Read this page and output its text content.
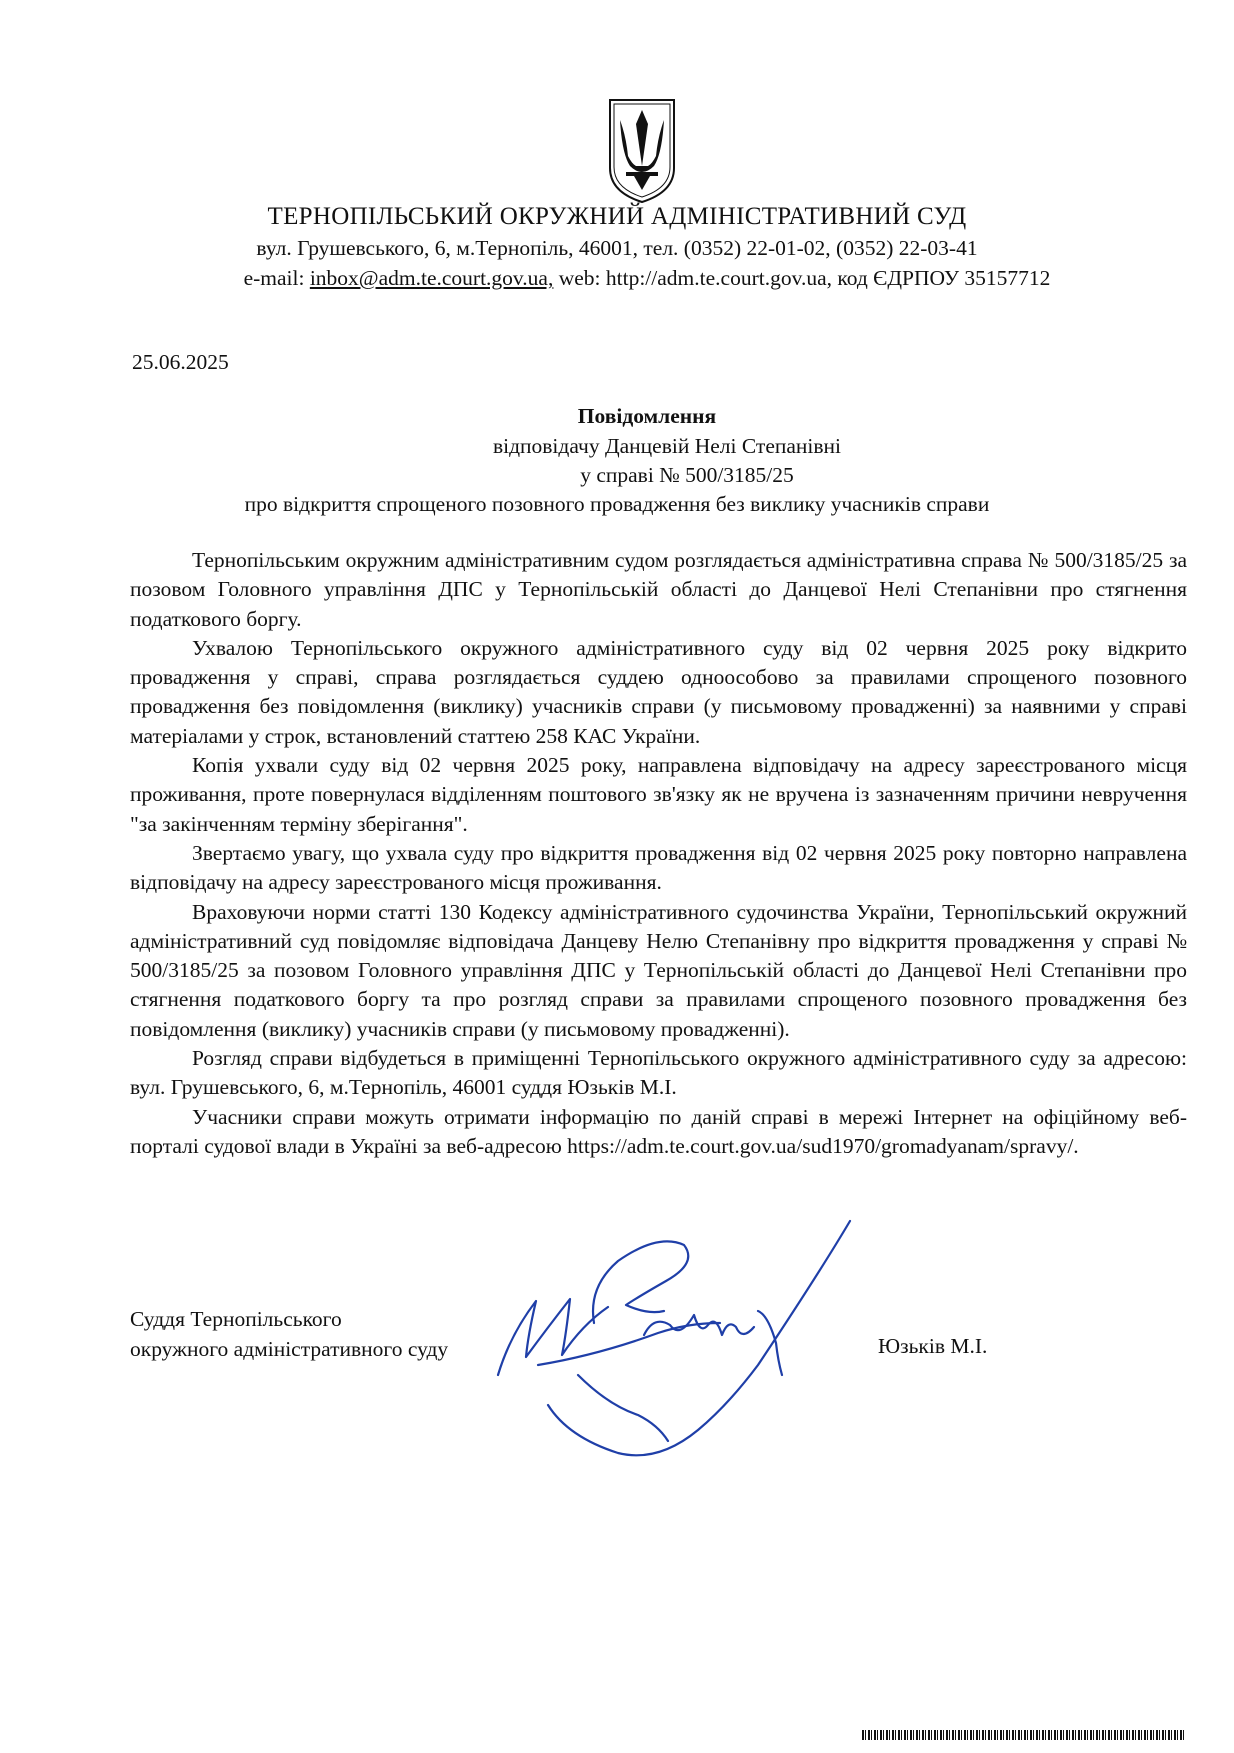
ТЕРНОПІЛЬСЬКИЙ ОКРУЖНИЙ АДМІНІСТРАТИВНИЙ СУД
вул. Грушевського, 6, м.Тернопіль, 46001, тел. (0352) 22-01-02, (0352) 22-03-41
e-mail: inbox@adm.te.court.gov.ua, web: http://adm.te.court.gov.ua, код ЄДРПОУ 35157712
25.06.2025
Повідомлення
відповідачу Данцевій Нелі Степанівні
у справі № 500/3185/25
про відкриття спрощеного позовного провадження без виклику учасників справи

Тернопільським окружним адміністративним судом розглядається адміністративна справа № 500/3185/25 за позовом Головного управління ДПС у Тернопільській області до Данцевої Нелі Степанівни про стягнення податкового боргу.

Ухвалою Тернопільського окружного адміністративного суду від 02 червня 2025 року відкрито провадження у справі, справа розглядається суддею одноособово за правилами спрощеного позовного провадження без повідомлення (виклику) учасників справи (у письмовому провадженні) за наявними у справі матеріалами у строк, встановлений статтею 258 КАС України.

Копія ухвали суду від 02 червня 2025 року, направлена відповідачу на адресу зареєстрованого місця проживання, проте повернулася відділенням поштового зв'язку як не вручена із зазначенням причини невручення "за закінченням терміну зберігання".

Звертаємо увагу, що ухвала суду про відкриття провадження від 02 червня 2025 року повторно направлена відповідачу на адресу зареєстрованого місця проживання.

Враховуючи норми статті 130 Кодексу адміністративного судочинства України, Тернопільський окружний адміністративний суд повідомляє відповідача Данцеву Нелю Степанівну про відкриття провадження у справі № 500/3185/25 за позовом Головного управління ДПС у Тернопільській області до Данцевої Нелі Степанівни про стягнення податкового боргу та про розгляд справи за правилами спрощеного позовного провадження без повідомлення (виклику) учасників справи (у письмовому провадженні).

Розгляд справи відбудеться в приміщенні Тернопільського окружного адміністративного суду за адресою: вул. Грушевського, 6, м.Тернопіль, 46001 суддя Юзьків М.І.

Учасники справи можуть отримати інформацію по даній справі в мережі Інтернет на офіційному веб-порталі судової влади в Україні за веб-адресою https://adm.te.court.gov.ua/sud1970/gromadyanam/spravy/.

Суддя Тернопільського
окружного адміністративного суду	Юзьків М.І.
